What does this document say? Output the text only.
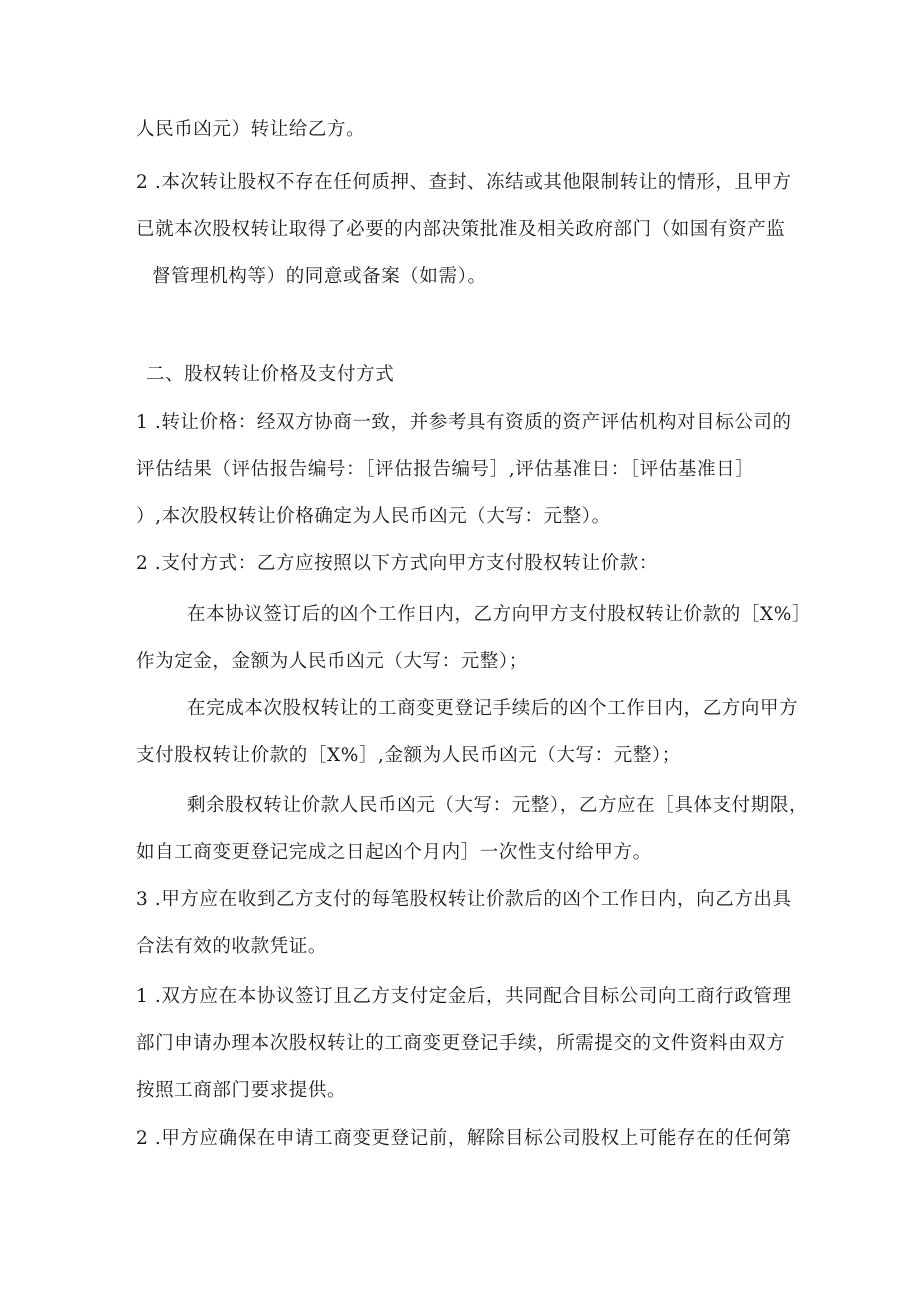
人民币凶元）转让给乙方。
2 .本次转让股权不存在任何质押、查封、冻结或其他限制转让的情形，且甲方
已就本次股权转让取得了必要的内部决策批准及相关政府部门（如国有资产监
督管理机构等）的同意或备案（如需）。
二、股权转让价格及支付方式
1 .转让价格：经双方协商一致，并参考具有资质的资产评估机构对目标公司的
评估结果（评估报告编号：［评估报告编号］,评估基准日：［评估基准日］
）,本次股权转让价格确定为人民币凶元（大写：元整）。
2 .支付方式：乙方应按照以下方式向甲方支付股权转让价款：
在本协议签订后的凶个工作日内，乙方向甲方支付股权转让价款的［X%］
作为定金，金额为人民币凶元（大写：元整）；
在完成本次股权转让的工商变更登记手续后的凶个工作日内，乙方向甲方
支付股权转让价款的［X%］,金额为人民币凶元（大写：元整）；
剩余股权转让价款人民币凶元（大写：元整），乙方应在［具体支付期限，
如自工商变更登记完成之日起凶个月内］一次性支付给甲方。
3 .甲方应在收到乙方支付的每笔股权转让价款后的凶个工作日内，向乙方出具
合法有效的收款凭证。
1 .双方应在本协议签订且乙方支付定金后，共同配合目标公司向工商行政管理
部门申请办理本次股权转让的工商变更登记手续，所需提交的文件资料由双方
按照工商部门要求提供。
2 .甲方应确保在申请工商变更登记前，解除目标公司股权上可能存在的任何第
